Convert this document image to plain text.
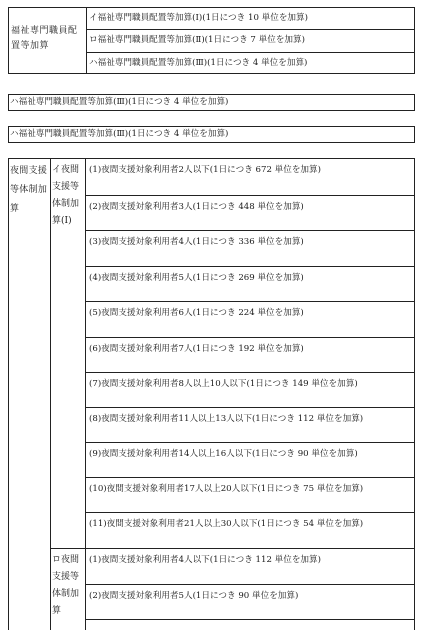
福祉専門職員配置等加算
イ福祉専門職員配置等加算(Ⅰ)(1日につき 10 単位を加算)
ロ福祉専門職員配置等加算(Ⅱ)(1日につき 7 単位を加算)
ハ福祉専門職員配置等加算(Ⅲ)(1日につき 4 単位を加算)
ハ福祉専門職員配置等加算(Ⅲ)(1日につき 4 単位を加算)
ハ福祉専門職員配置等加算(Ⅲ)(1日につき 4 単位を加算)
夜間支援等体制加算
イ夜間支援等体制加算(Ⅰ)
(1)夜間支援対象利用者2人以下(1日につき 672 単位を加算)
(2)夜間支援対象利用者3人(1日につき 448 単位を加算)
(3)夜間支援対象利用者4人(1日につき 336 単位を加算)
(4)夜間支援対象利用者5人(1日につき 269 単位を加算)
(5)夜間支援対象利用者6人(1日につき 224 単位を加算)
(6)夜間支援対象利用者7人(1日につき 192 単位を加算)
(7)夜間支援対象利用者8人以上10人以下(1日につき 149 単位を加算)
(8)夜間支援対象利用者11人以上13人以下(1日につき 112 単位を加算)
(9)夜間支援対象利用者14人以上16人以下(1日につき 90 単位を加算)
(10)夜間支援対象利用者17人以上20人以下(1日につき 75 単位を加算)
(11)夜間支援対象利用者21人以上30人以下(1日につき 54 単位を加算)
ロ夜間支援等体制加算
(1)夜間支援対象利用者4人以下(1日につき 112 単位を加算)
(2)夜間支援対象利用者5人(1日につき 90 単位を加算)
